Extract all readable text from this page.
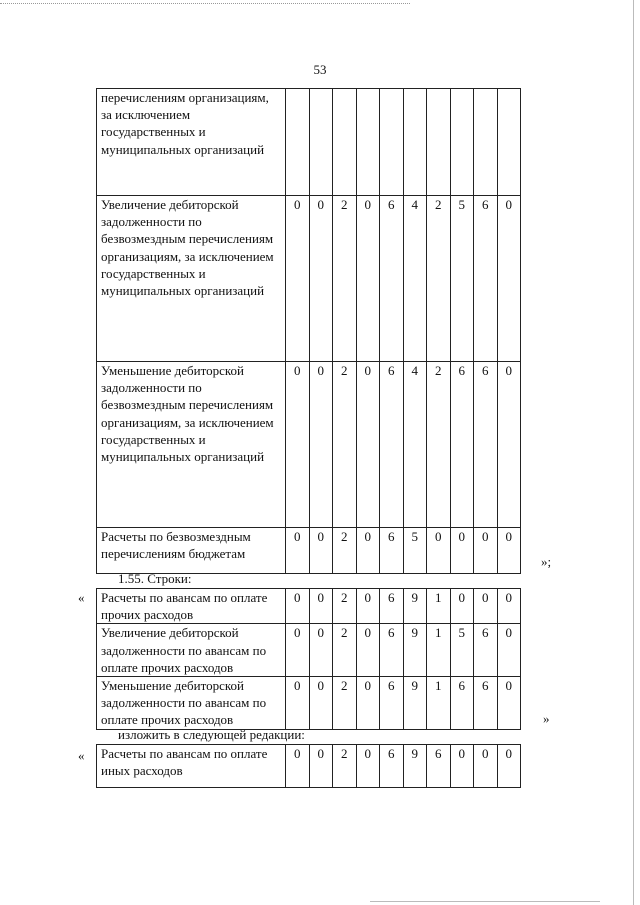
53
перечислениям организациям, за исключением государственных и муниципальных организаций										
Увеличение дебиторской задолженности по безвозмездным перечислениям организациям, за исключением государственных и муниципальных организаций	0	0	2	0	6	4	2	5	6	0
Уменьшение дебиторской задолженности по безвозмездным перечислениям организациям, за исключением государственных и муниципальных организаций	0	0	2	0	6	4	2	6	6	0
Расчеты по безвозмездным перечислениям бюджетам	0	0	2	0	6	5	0	0	0	0
»;
1.55. Строки:
« Расчеты по авансам по оплате прочих расходов	0	0	2	0	6	9	1	0	0	0
Увеличение дебиторской задолженности по авансам по оплате прочих расходов	0	0	2	0	6	9	1	5	6	0
Уменьшение дебиторской задолженности по авансам по оплате прочих расходов	0	0	2	0	6	9	1	6	6	0
»
изложить в следующей редакции:
« Расчеты по авансам по оплате иных расходов	0	0	2	0	6	9	6	0	0	0
